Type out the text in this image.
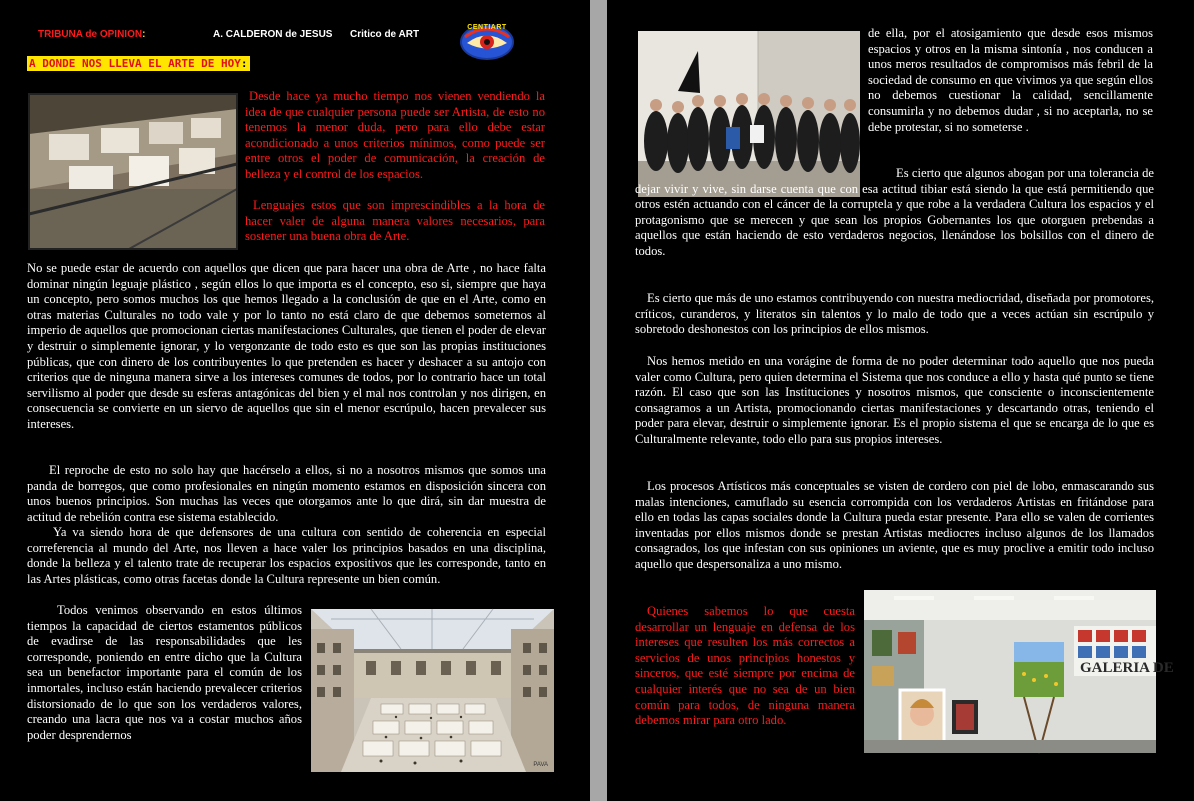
TRIBUNA de OPINION:	A. CALDERON de JESUS Critico de ART
CENTIART
A DONDE NOS LLEVA EL ARTE DE HOY:

Desde hace ya mucho tiempo nos vienen vendiendo la idea de que cualquier persona puede ser Artista, de esto no tenemos la menor duda, pero para ello debe estar acondicionado a unos criterios mínimos, como puede ser entre otros el poder de comunicación, la creación de belleza y el control de los espacios.

Lenguajes estos que son imprescindibles a la hora de hacer valer de alguna manera valores necesarios, para sostener una buena obra de Arte.

No se puede estar de acuerdo con aquellos que dicen que para hacer una obra de Arte , no hace falta dominar ningún leguaje plástico , según ellos lo que importa es el concepto, eso si, siempre que haya un concepto, pero somos muchos los que hemos llegado a la conclusión de que en el Arte, como en otras materias Culturales no todo vale y por lo tanto no está claro de que debemos someternos al imperio de aquellos que promocionan ciertas manifestaciones Culturales, que tienen el poder de elevar y destruir o simplemente ignorar, y lo vergonzante de todo esto es que son las propias instituciones públicas, que con dinero de los contribuyentes lo que pretenden es hacer y deshacer a su antojo con criterios que de ninguna manera sirve a los intereses comunes de todos, por lo contrario hace un total servilismo al poder que desde su esferas antagónicas del bien y el mal nos controlan y nos dirigen, en consecuencia se convierte en un siervo de aquellos que sin el menor escrúpulo, hacen prevalecer sus intereses.

El reproche de esto no solo hay que hacérselo a ellos, si no a nosotros mismos que somos una panda de borregos, que como profesionales en ningún momento estamos en disposición sincera con unos buenos principios. Son muchas las veces que otorgamos ante lo que dirá, sin dar muestra de actitud de rebelión contra ese sistema establecido.

Ya va siendo hora de que defensores de una cultura con sentido de coherencia en especial correferencia al mundo del Arte, nos lleven a hace valer los principios basados en una disciplina, donde la belleza y el talento trate de recuperar los espacios expositivos que les corresponde, tanto en las Artes plásticas, como otras facetas donde la Cultura represente un bien común.

Todos venimos observando en estos últimos tiempos la capacidad de ciertos estamentos públicos de evadirse de las responsabilidades que les corresponde, poniendo en entre dicho que la Cultura sea un benefactor importante para el común de los inmortales, incluso están haciendo prevalecer criterios distorsionado de lo que son los verdaderos valores, creando una lacra que nos va a costar muchos años poder desprendernos

PAVA

de ella, por el atosigamiento que desde esos mismos espacios y otros en la misma sintonía , nos conducen a unos meros resultados de compromisos más febril de la sociedad de consumo en que vivimos ya que según ellos no debemos cuestionar la calidad, sencillamente consumirla y no debemos dudar , si no aceptarla, no se debe protestar, si no someterse .

Es cierto que algunos abogan por una tolerancia de dejar vivir y vive, sin darse cuenta que con esa actitud tibiar está siendo la que está permitiendo que otros estén actuando con el cáncer de la corruptela y que robe a la verdadera Cultura los espacios y el protagonismo que se merecen y que sean los propios Gobernantes los que otorguen prebendas a aquellos que están haciendo de esto verdaderos negocios, llenándose los bolsillos con el dinero de todos.

Es cierto que más de uno estamos contribuyendo con nuestra mediocridad, diseñada por promotores, críticos, curanderos, y literatos sin talentos y lo malo de todo que a veces actúan sin escrúpulo y sobretodo deshonestos con los principios de ellos mismos.

Nos hemos metido en una vorágine de forma de no poder determinar todo aquello que nos pueda valer como Cultura, pero quien determina el Sistema que nos conduce a ello y hasta qué punto se tiene razón. El caso que son las Instituciones y nosotros mismos, que consciente o inconscientemente consagramos a un Artista, promocionando ciertas manifestaciones y descartando otras, teniendo el poder para elevar, destruir o simplemente ignorar. Es el propio sistema el que se encarga de lo que es Culturalmente relevante, todo ello para sus propios intereses.

Los procesos Artísticos más conceptuales se visten de cordero con piel de lobo, enmascarando sus malas intenciones, camuflado su esencia corrompida con los verdaderos Artistas en fritándose para ello en todas las capas sociales donde la Cultura pueda estar presente. Para ello se valen de corrientes inventadas por ellos mismos donde se prestan Artistas mediocres incluso algunos de los llamados consagrados, los que infestan con sus opiniones un aviente, que es muy proclive a emitir todo incluso aquello que despersonaliza a uno mismo.

Quienes sabemos lo que cuesta desarrollar un lenguaje en defensa de los intereses que resulten los más correctos a servicios de unos principios honestos y sinceros, que esté siempre por encima de cualquier interés que no sea de un bien común para todos, de ninguna manera debemos mirar para otro lado.

GALERIA DE
